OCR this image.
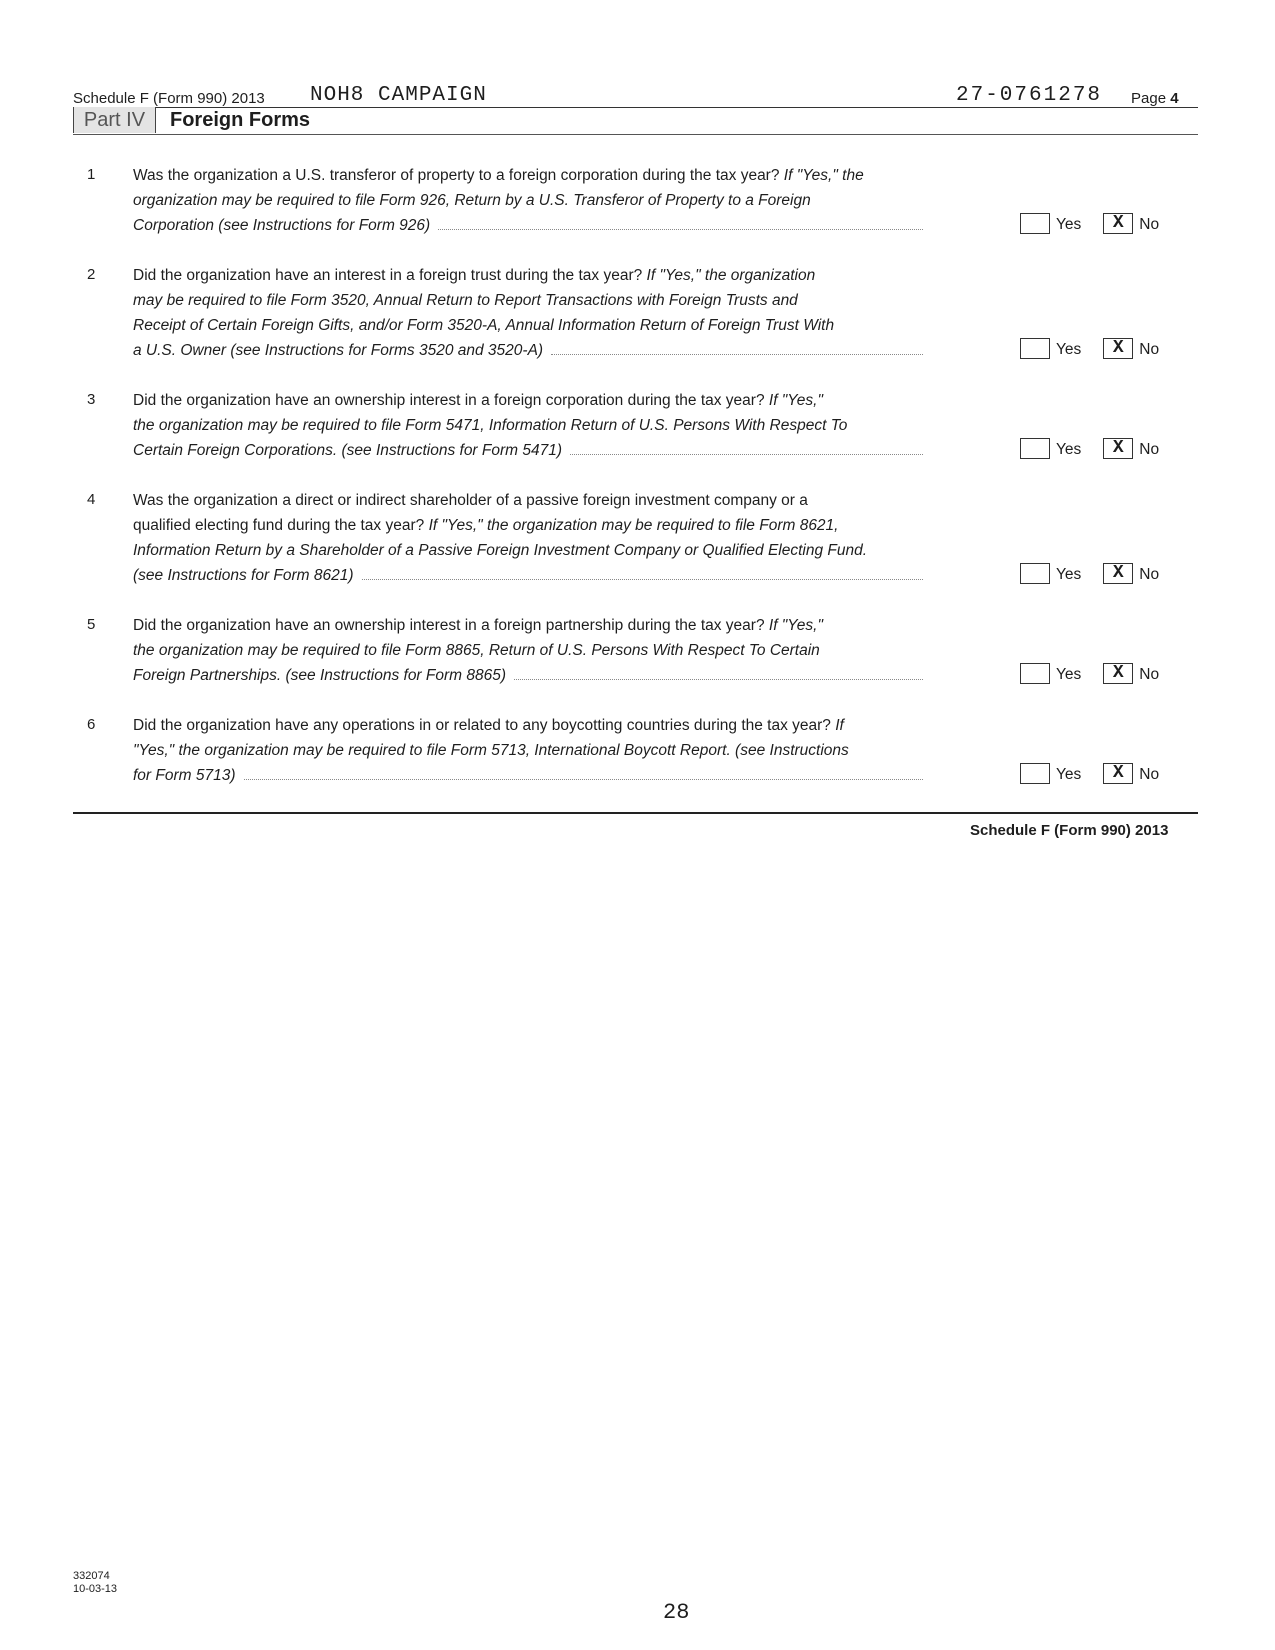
Schedule F (Form 990) 2013 NOH8 CAMPAIGN	27-0761278 Page 4
Part IV	Foreign Forms
1 Was the organization a U.S. transferor of property to a foreign corporation during the tax year? If "Yes," the
organization may be required to file Form 926, Return by a U.S. Transferor of Property to a Foreign
Corporation (see Instructions for Form 926)	Yes	X	No
2 Did the organization have an interest in a foreign trust during the tax year? If "Yes," the organization
may be required to file Form 3520, Annual Return to Report Transactions with Foreign Trusts and
Receipt of Certain Foreign Gifts, and/or Form 3520-A, Annual Information Return of Foreign Trust With
a U.S. Owner (see Instructions for Forms 3520 and 3520-A)	Yes	X	No
3 Did the organization have an ownership interest in a foreign corporation during the tax year? If "Yes,"
the organization may be required to file Form 5471, Information Return of U.S. Persons With Respect To
Certain Foreign Corporations. (see Instructions for Form 5471)	Yes	X	No
4 Was the organization a direct or indirect shareholder of a passive foreign investment company or a
qualified electing fund during the tax year? If "Yes," the organization may be required to file Form 8621,
Information Return by a Shareholder of a Passive Foreign Investment Company or Qualified Electing Fund.
(see Instructions for Form 8621)	Yes	X	No
5 Did the organization have an ownership interest in a foreign partnership during the tax year? If "Yes,"
the organization may be required to file Form 8865, Return of U.S. Persons With Respect To Certain
Foreign Partnerships. (see Instructions for Form 8865)	Yes	X	No
6 Did the organization have any operations in or related to any boycotting countries during the tax year? If
"Yes," the organization may be required to file Form 5713, International Boycott Report. (see Instructions
for Form 5713)	Yes	X	No
Schedule F (Form 990) 2013
332074
10-03-13
28
